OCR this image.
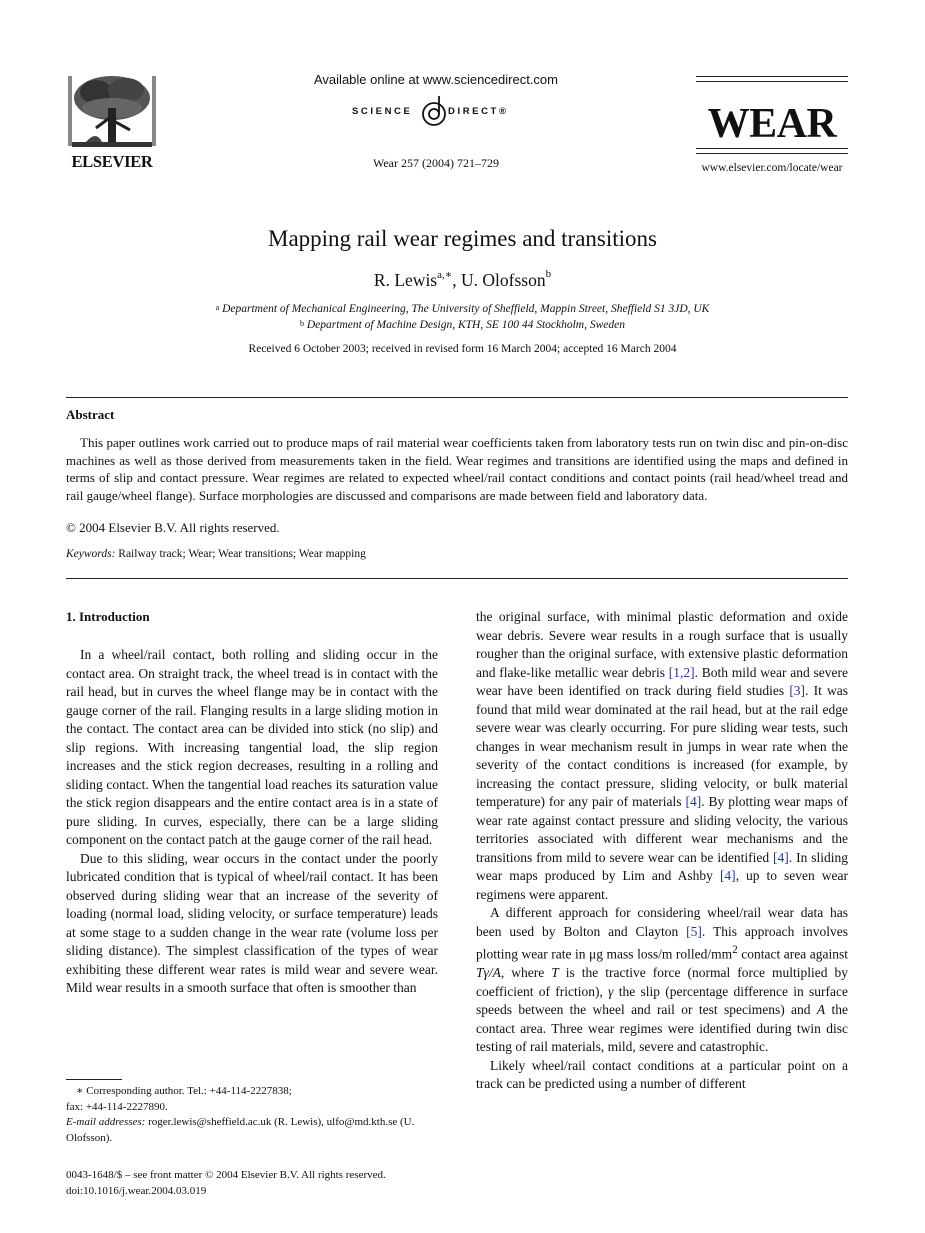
ELSEVIER
Available online at www.sciencedirect.com
SCIENCE	DIRECT®
Wear 257 (2004) 721–729
WEAR
www.elsevier.com/locate/wear
Mapping rail wear regimes and transitions
R. Lewis$^{a,∗}$, U. Olofsson$^b$
$^a$ Department of Mechanical Engineering, The University of Sheffield, Mappin Street, Sheffield S1 3JD, UK
$^b$ Department of Machine Design, KTH, SE 100 44 Stockholm, Sweden
Received 6 October 2003; received in revised form 16 March 2004; accepted 16 March 2004
Abstract

This paper outlines work carried out to produce maps of rail material wear coefficients taken from laboratory tests run on twin disc and pin-on-disc machines as well as those derived from measurements taken in the field. Wear regimes and transitions are identified using the maps and defined in terms of slip and contact pressure. Wear regimes are related to expected wheel/rail contact conditions and contact points (rail head/wheel tread and rail gauge/wheel flange). Surface morphologies are discussed and comparisons are made between field and laboratory data.

© 2004 Elsevier B.V. All rights reserved.
Keywords: Railway track; Wear; Wear transitions; Wear mapping
1. Introduction

In a wheel/rail contact, both rolling and sliding occur in the contact area. On straight track, the wheel tread is in contact with the rail head, but in curves the wheel flange may be in contact with the gauge corner of the rail. Flanging results in a large sliding motion in the contact. The contact area can be divided into stick (no slip) and slip regions. With increasing tangential load, the slip region increases and the stick region decreases, resulting in a rolling and sliding contact. When the tangential load reaches its saturation value the stick region disappears and the entire contact area is in a state of pure sliding. In curves, especially, there can be a large sliding component on the contact patch at the gauge corner of the rail head.

Due to this sliding, wear occurs in the contact under the poorly lubricated condition that is typical of wheel/rail contact. It has been observed during sliding wear that an increase of the severity of loading (normal load, sliding velocity, or surface temperature) leads at some stage to a sudden change in the wear rate (volume loss per sliding distance). The simplest classification of the types of wear exhibiting these different wear rates is mild wear and severe wear. Mild wear results in a smooth surface that often is smoother than

the original surface, with minimal plastic deformation and oxide wear debris. Severe wear results in a rough surface that is usually rougher than the original surface, with extensive plastic deformation and flake-like metallic wear debris [1,2]. Both mild wear and severe wear have been identified on track during field studies [3]. It was found that mild wear dominated at the rail head, but at the rail edge severe wear was clearly occurring. For pure sliding wear tests, such changes in wear mechanism result in jumps in wear rate when the severity of the contact conditions is increased (for example, by increasing the contact pressure, sliding velocity, or bulk material temperature) for any pair of materials [4]. By plotting wear maps of wear rate against contact pressure and sliding velocity, the various territories associated with different wear mechanisms and the transitions from mild to severe wear can be identified [4]. In sliding wear maps produced by Lim and Ashby [4], up to seven wear regimens were apparent.

A different approach for considering wheel/rail wear data has been used by Bolton and Clayton [5]. This approach involves plotting wear rate in μg mass loss/m rolled/$mm^2$ contact area against Tγ/A, where T is the tractive force (normal force multiplied by coefficient of friction), γ the slip (percentage difference in surface speeds between the wheel and rail or test specimens) and A the contact area. Three wear regimes were identified during twin disc testing of rail materials, mild, severe and catastrophic.

Likely wheel/rail contact conditions at a particular point on a track can be predicted using a number of different

∗ Corresponding author. Tel.: +44-114-2227838;
fax: +44-114-2227890.
E-mail addresses: roger.lewis@sheffield.ac.uk (R. Lewis), ulfo@md.kth.se (U. Olofsson).
0043-1648/$ – see front matter © 2004 Elsevier B.V. All rights reserved.
doi:10.1016/j.wear.2004.03.019
